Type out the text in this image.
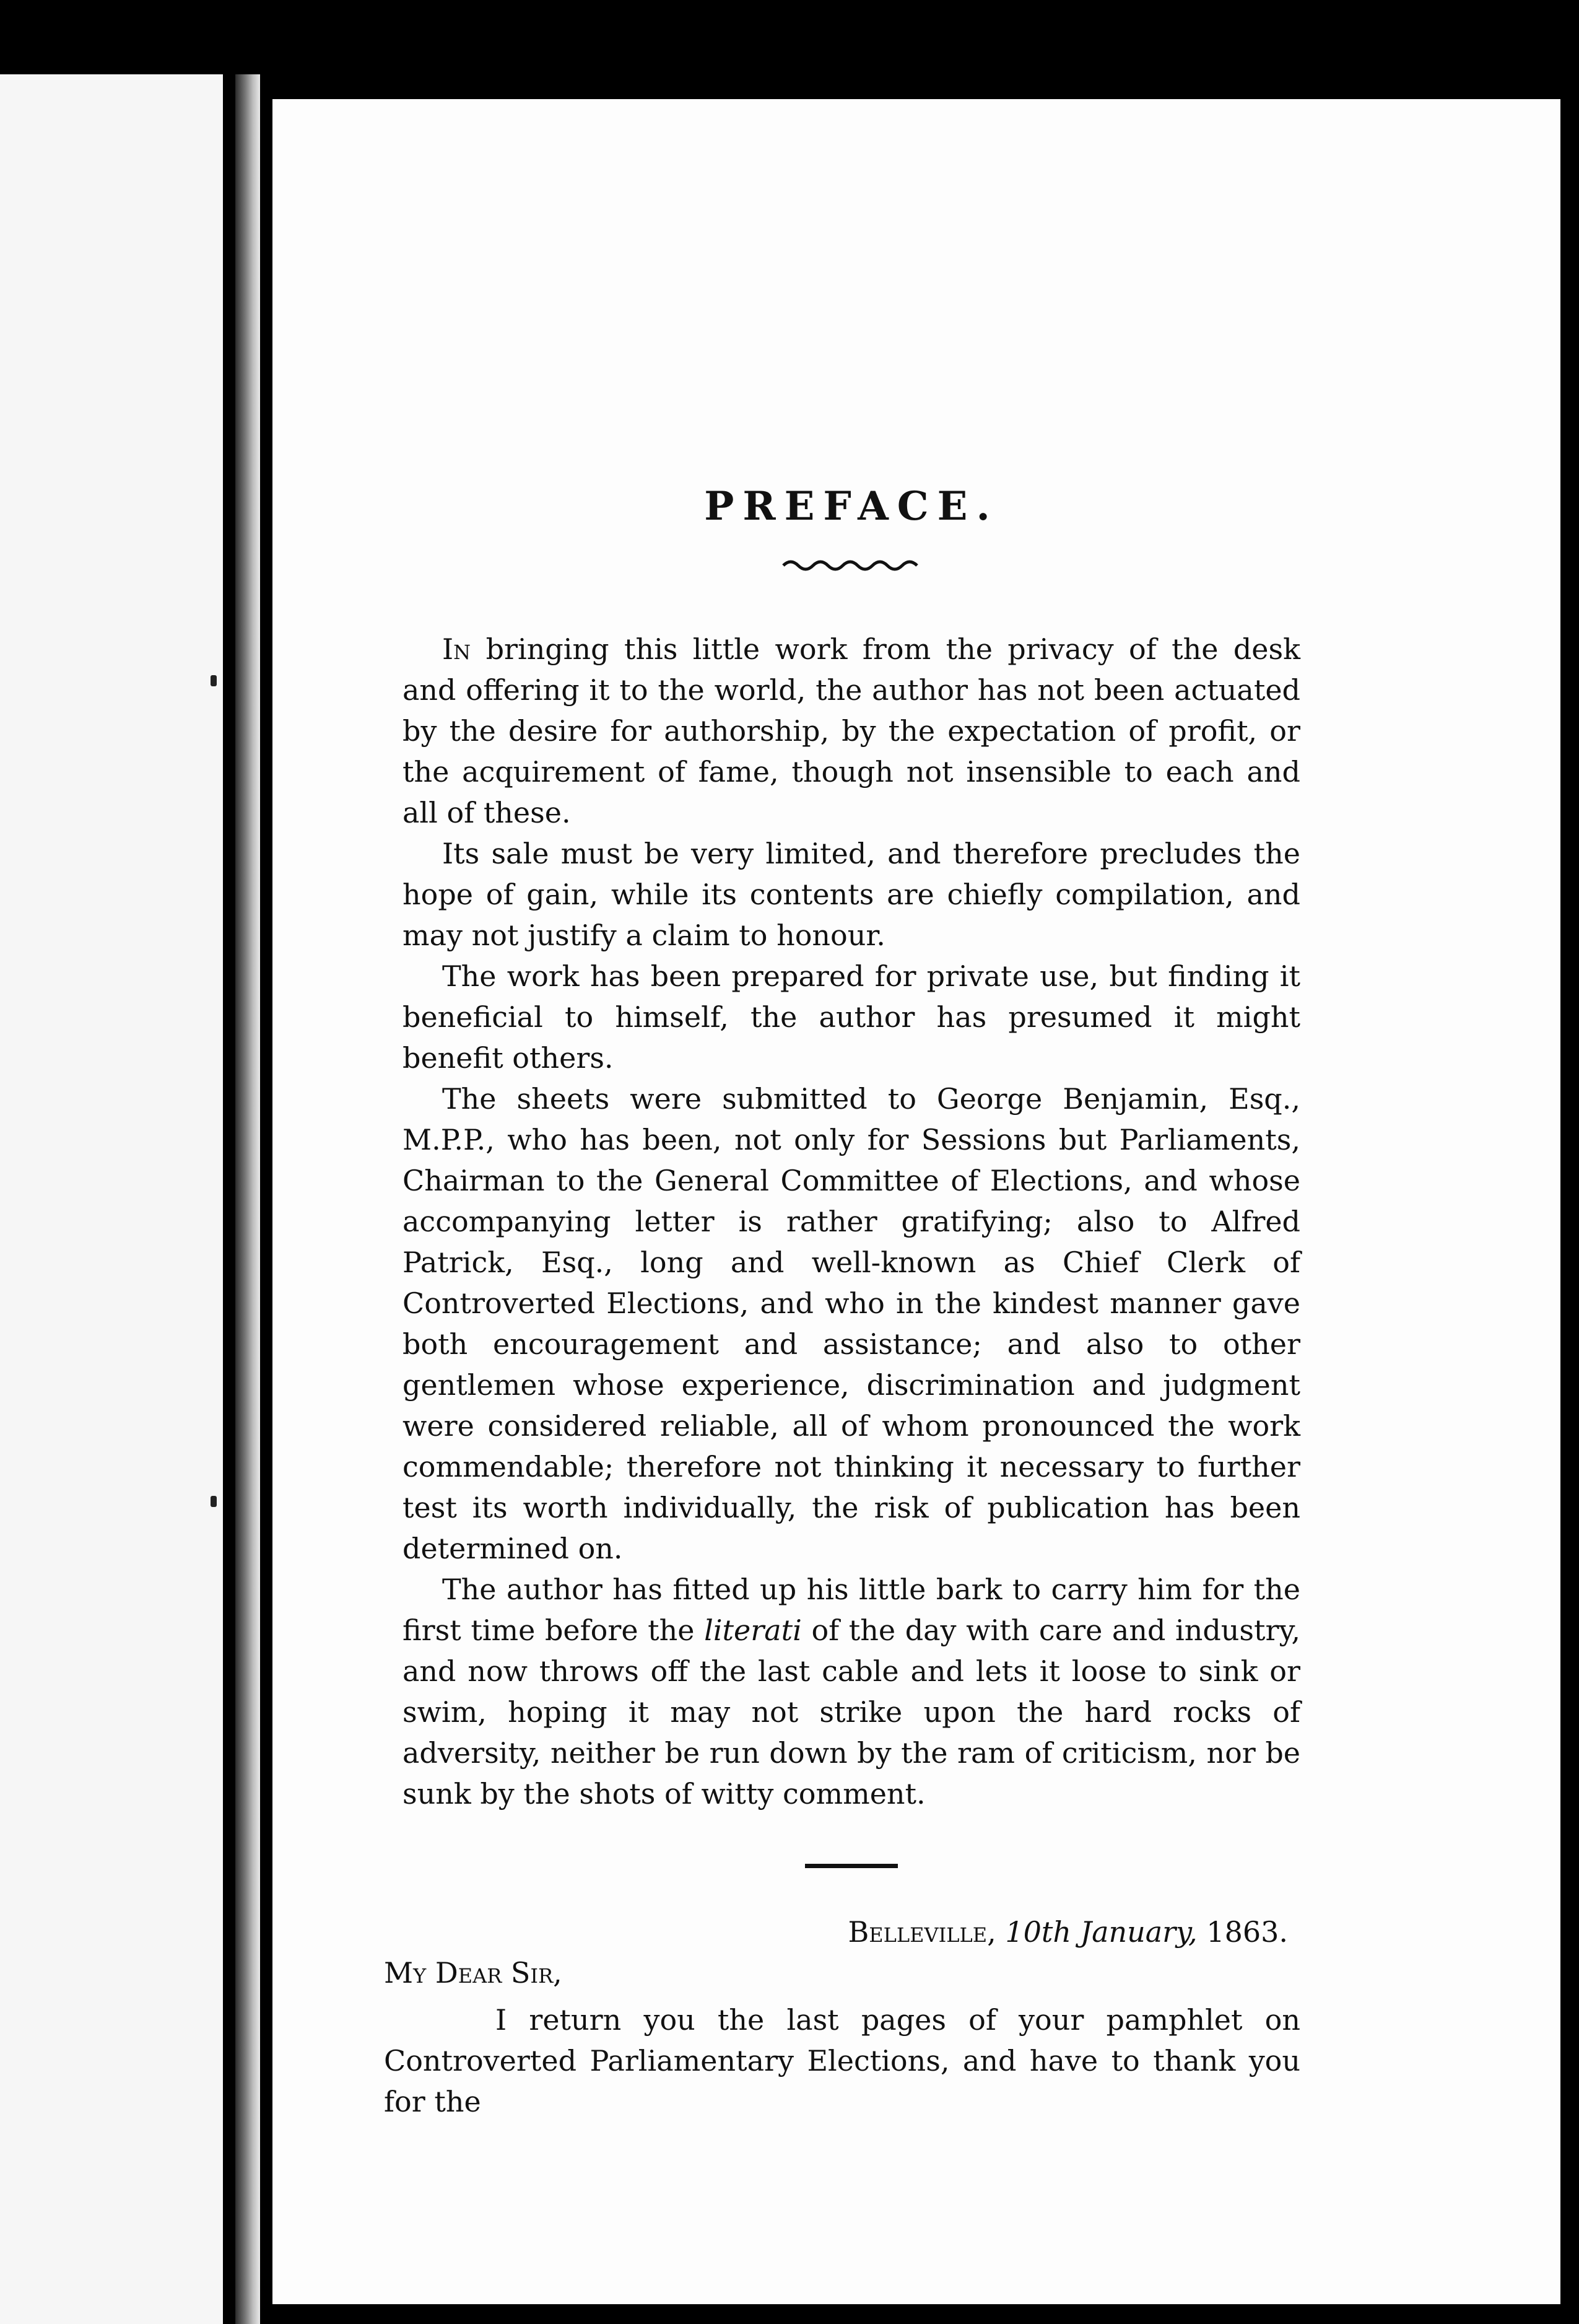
PREFACE.

In bringing this little work from the privacy of the desk and offering it to the world, the author has not been actuated by the desire for authorship, by the expectation of profit, or the acquirement of fame, though not insensible to each and all of these.

Its sale must be very limited, and therefore precludes the hope of gain, while its contents are chiefly compilation, and may not justify a claim to honour.

The work has been prepared for private use, but finding it beneficial to himself, the author has presumed it might benefit others.

The sheets were submitted to George Benjamin, Esq., M.P.P., who has been, not only for Sessions but Parliaments, Chairman to the General Committee of Elections, and whose accompanying letter is rather gratifying; also to Alfred Patrick, Esq., long and well-known as Chief Clerk of Controverted Elections, and who in the kindest manner gave both encouragement and assistance; and also to other gentlemen whose experience, discrimination and judgment were considered reliable, all of whom pronounced the work commendable; therefore not thinking it necessary to further test its worth individually, the risk of publication has been determined on.

The author has fitted up his little bark to carry him for the first time before the literati of the day with care and industry, and now throws off the last cable and lets it loose to sink or swim, hoping it may not strike upon the hard rocks of adversity, neither be run down by the ram of criticism, nor be sunk by the shots of witty comment.

Belleville, 10th January, 1863.

My Dear Sir,

I return you the last pages of your pamphlet on Controverted Parliamentary Elections, and have to thank you for the
